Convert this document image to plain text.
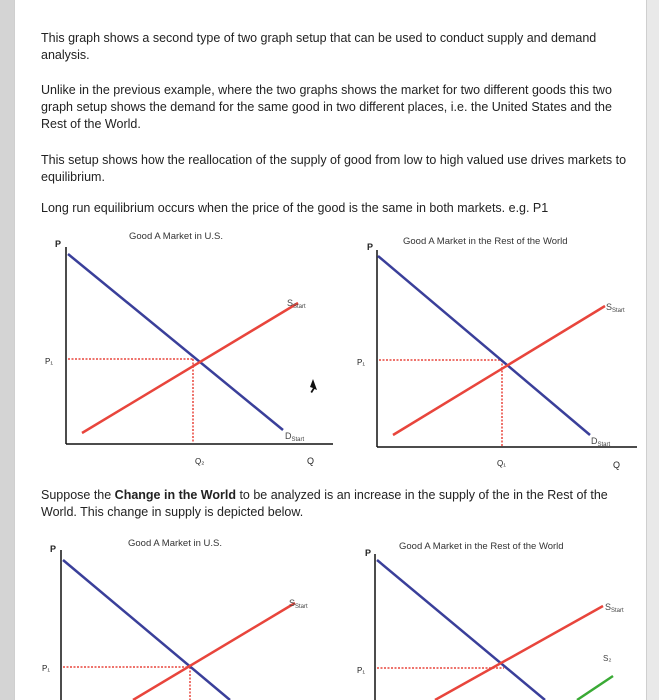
This graph shows a second type of two graph setup that can be used to conduct supply and demand analysis.

Unlike in the previous example, where the two graphs shows the market for two different goods this two graph setup shows the demand for the same good in two different places, i.e. the United States and the Rest of the World.

This setup shows how the reallocation of the supply of good from low to high valued use drives markets to equilibrium.

Long run equilibrium occurs when the price of the good is the same in both markets. e.g. P1

Good A Market in U.S.	Good A Market in the Rest of the World
P
Q
P₁
Q₂
$S_{Start}$
$D_{Start}$
P
Q
P₁
Q₁
$S_{Start}$
$D_{Start}$

Suppose the Change in the World to be analyzed is an increase in the supply of the in the Rest of the World. This change in supply is depicted below.

Good A Market in U.S.	Good A Market in the Rest of the World
P
P₁
$S_{Start}$
P
P₁
$S_{Start}$
S₂
